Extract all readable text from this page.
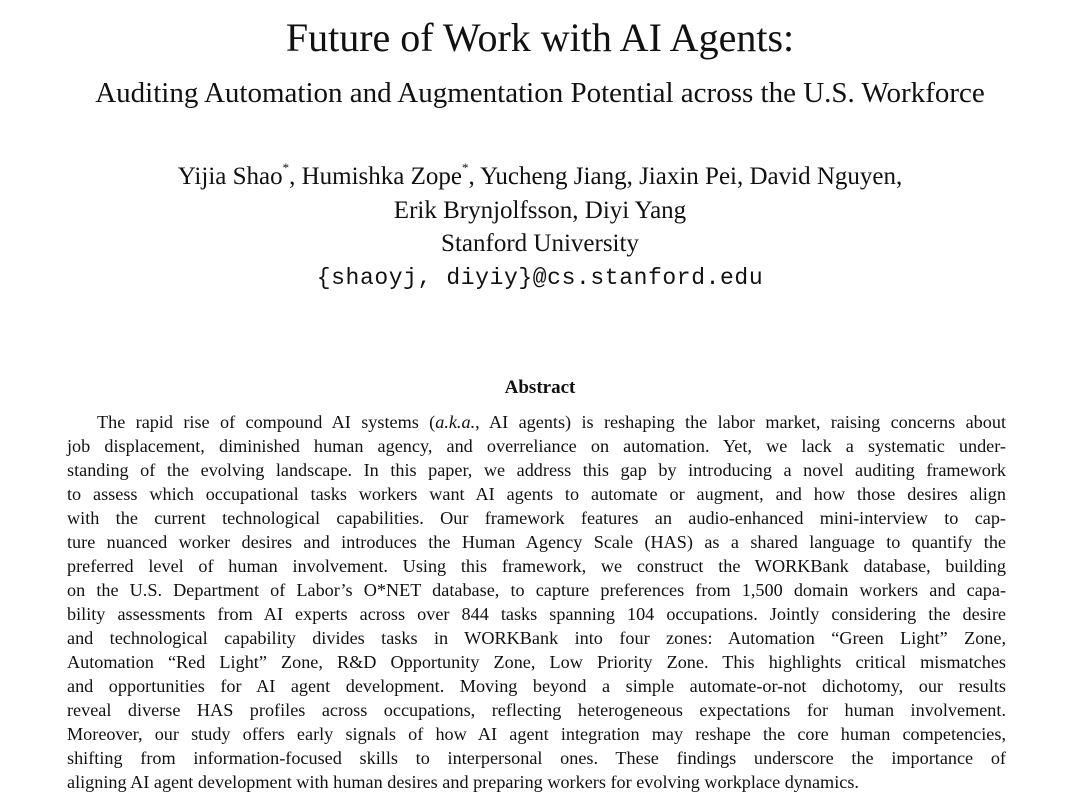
Future of Work with AI Agents:
Auditing Automation and Augmentation Potential across the U.S. Workforce
Yijia Shao*, Humishka Zope*, Yucheng Jiang, Jiaxin Pei, David Nguyen,
Erik Brynjolfsson, Diyi Yang
Stanford University
{shaoyj, diyiy}@cs.stanford.edu
Abstract
The rapid rise of compound AI systems (a.k.a., AI agents) is reshaping the labor market, raising concerns about
job displacement, diminished human agency, and overreliance on automation. Yet, we lack a systematic under-
standing of the evolving landscape. In this paper, we address this gap by introducing a novel auditing framework
to assess which occupational tasks workers want AI agents to automate or augment, and how those desires align
with the current technological capabilities. Our framework features an audio-enhanced mini-interview to cap-
ture nuanced worker desires and introduces the Human Agency Scale (HAS) as a shared language to quantify the
preferred level of human involvement. Using this framework, we construct the WORKBank database, building
on the U.S. Department of Labor’s O*NET database, to capture preferences from 1,500 domain workers and capa-
bility assessments from AI experts across over 844 tasks spanning 104 occupations. Jointly considering the desire
and technological capability divides tasks in WORKBank into four zones: Automation “Green Light” Zone,
Automation “Red Light” Zone, R&D Opportunity Zone, Low Priority Zone. This highlights critical mismatches
and opportunities for AI agent development. Moving beyond a simple automate-or-not dichotomy, our results
reveal diverse HAS profiles across occupations, reflecting heterogeneous expectations for human involvement.
Moreover, our study offers early signals of how AI agent integration may reshape the core human competencies,
shifting from information-focused skills to interpersonal ones. These findings underscore the importance of
aligning AI agent development with human desires and preparing workers for evolving workplace dynamics.
